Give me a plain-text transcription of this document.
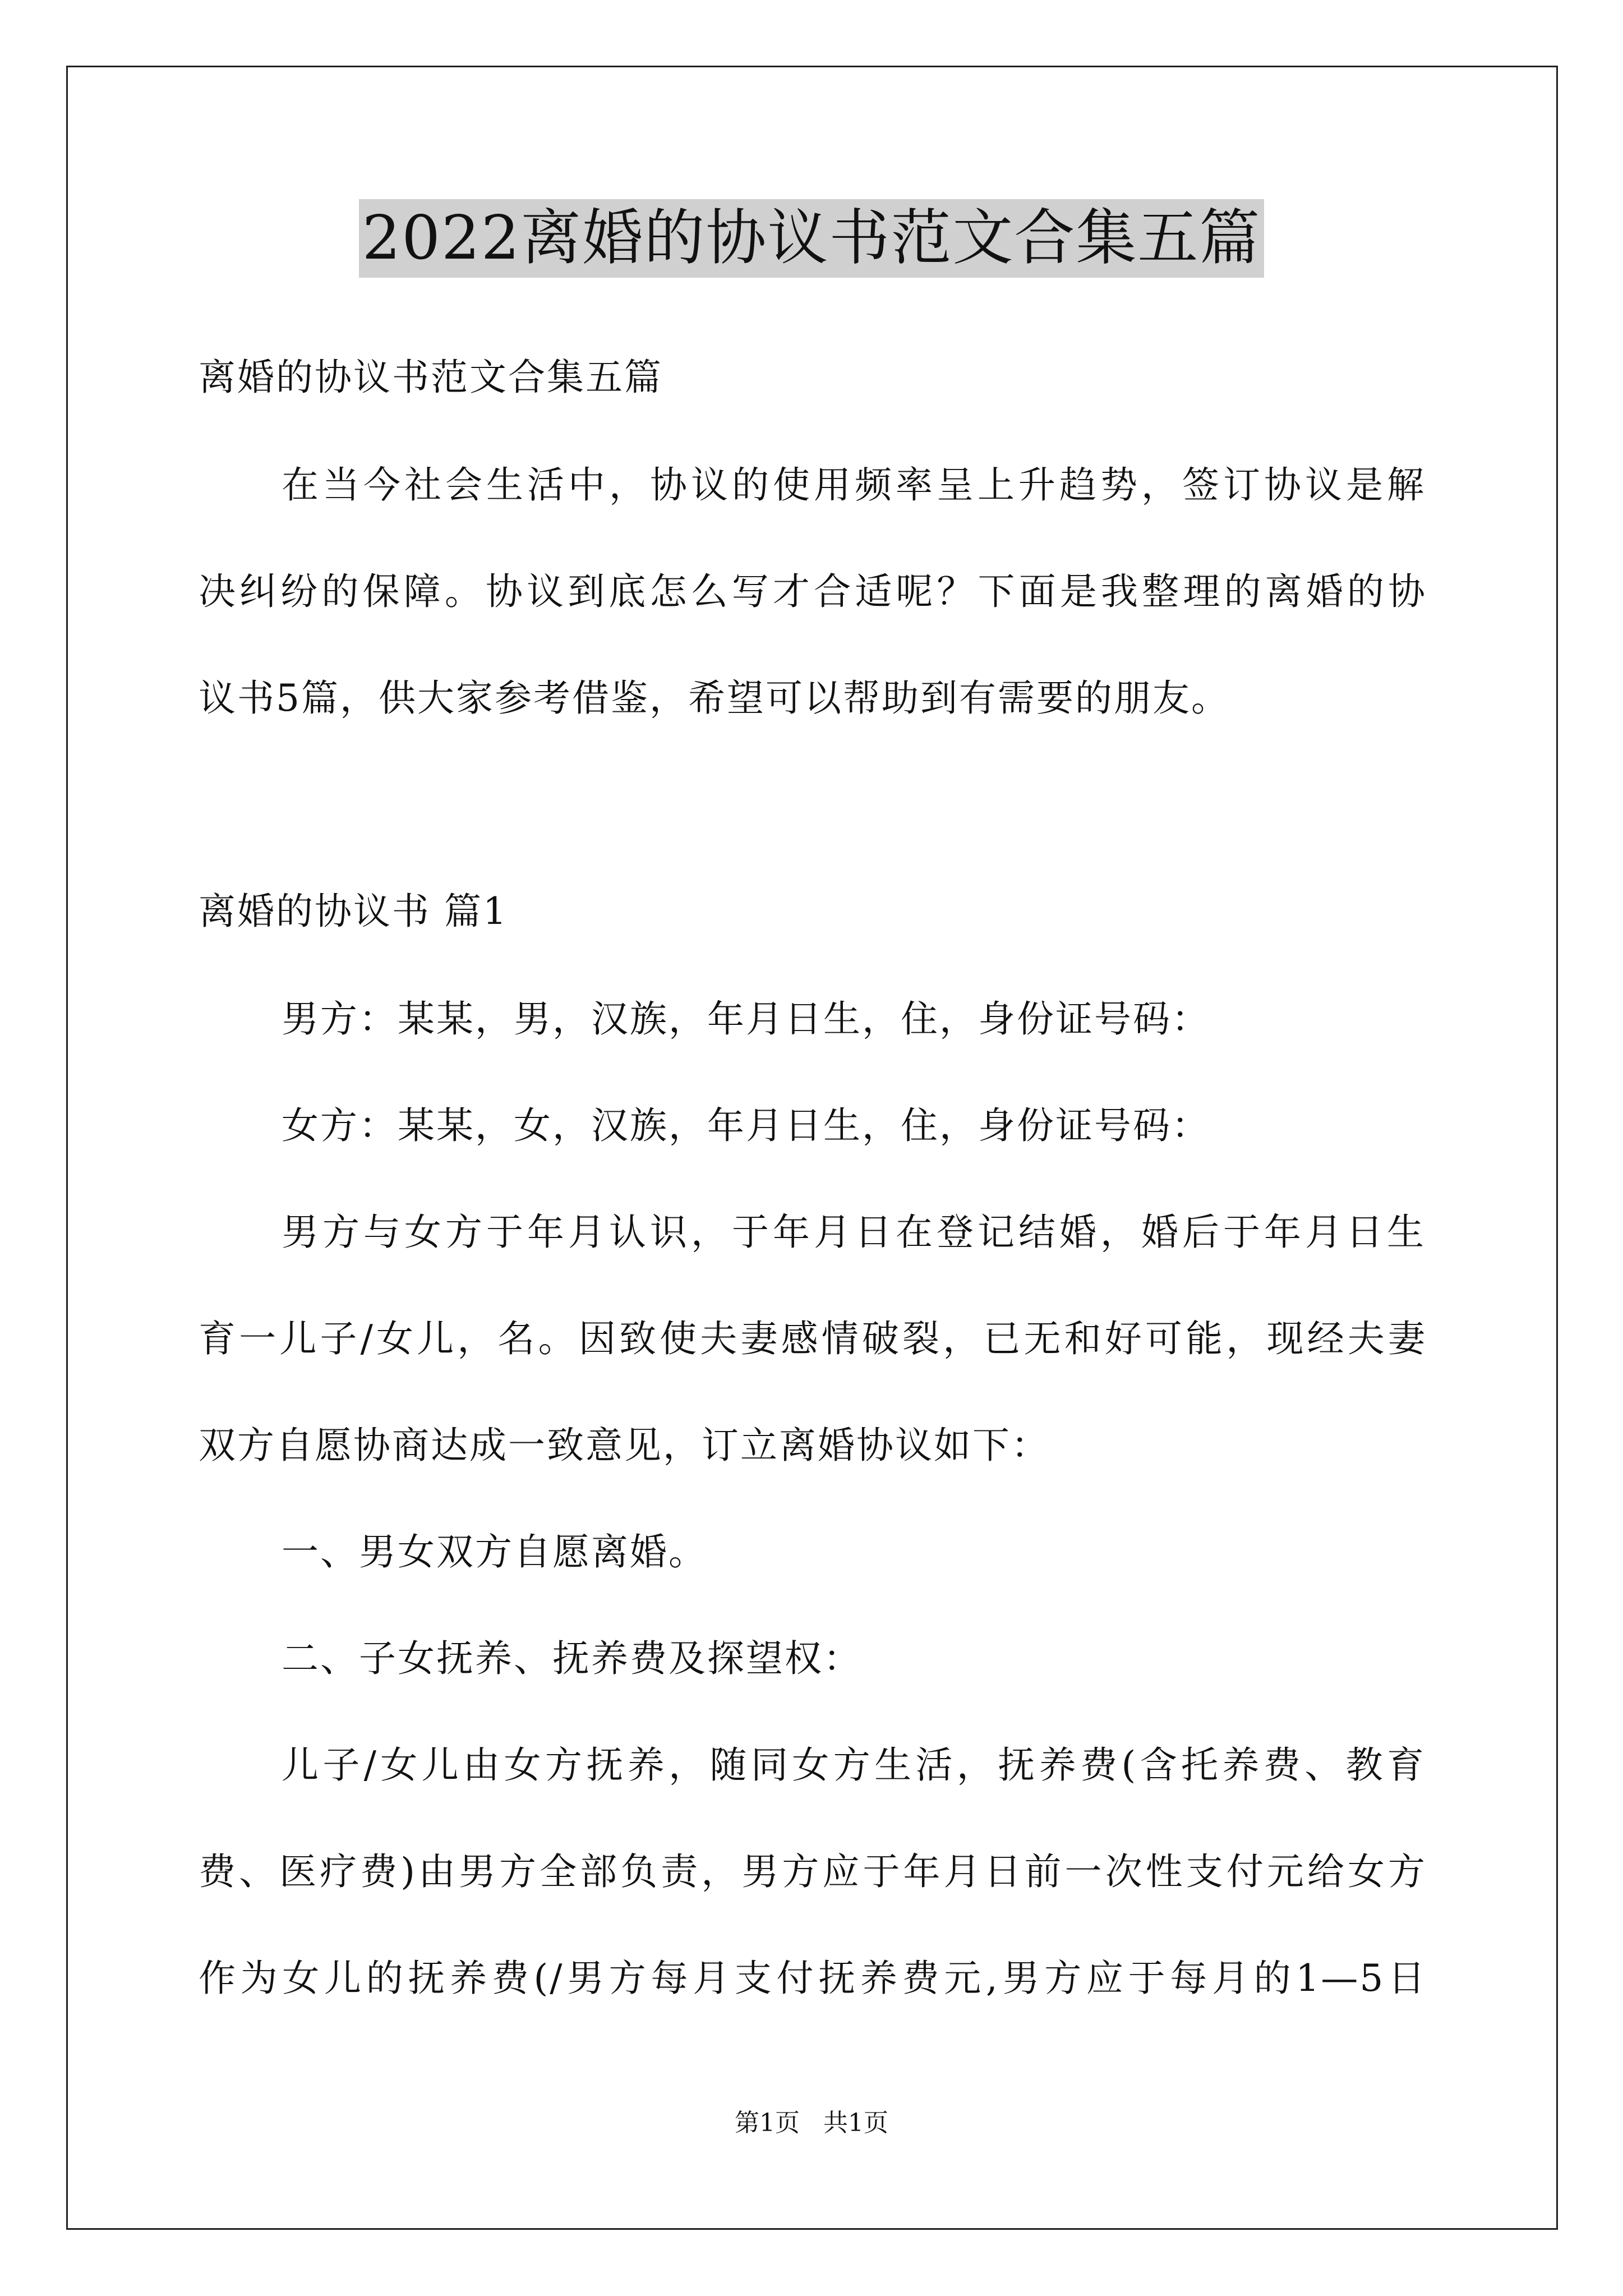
2022离婚的协议书范文合集五篇
离婚的协议书范文合集五篇
在当今社会生活中，协议的使用频率呈上升趋势，签订协议是解
决纠纷的保障。协议到底怎么写才合适呢？下面是我整理的离婚的协
议书5篇，供大家参考借鉴，希望可以帮助到有需要的朋友。
离婚的协议书 篇1
男方：某某，男，汉族，年月日生，住，身份证号码：
女方：某某，女，汉族，年月日生，住，身份证号码：
男方与女方于年月认识，于年月日在登记结婚，婚后于年月日生
育一儿子/女儿，名。因致使夫妻感情破裂，已无和好可能，现经夫妻
双方自愿协商达成一致意见，订立离婚协议如下：
一、男女双方自愿离婚。
二、子女抚养、抚养费及探望权：
儿子/女儿由女方抚养，随同女方生活，抚养费(含托养费、教育
费、医疗费)由男方全部负责，男方应于年月日前一次性支付元给女方
作为女儿的抚养费(/男方每月支付抚养费元,男方应于每月的1—5日
第1页 共1页
